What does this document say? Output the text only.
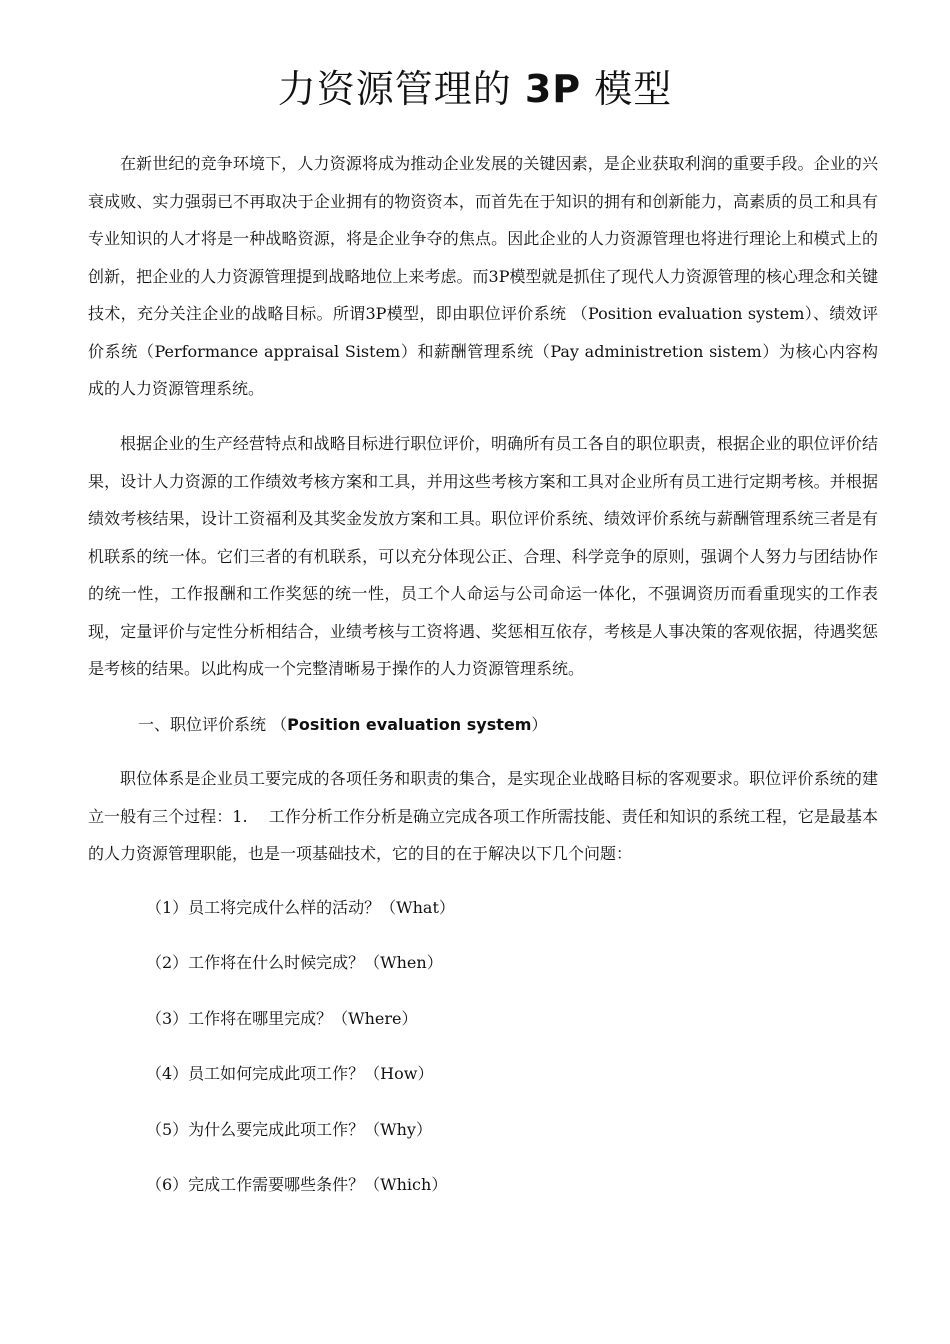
力资源管理的 3P 模型

在新世纪的竞争环境下，人力资源将成为推动企业发展的关键因素，是企业获取利润的重要手段。企业的兴衰成败、实力强弱已不再取决于企业拥有的物资资本，而首先在于知识的拥有和创新能力，高素质的员工和具有专业知识的人才将是一种战略资源，将是企业争夺的焦点。因此企业的人力资源管理也将进行理论上和模式上的创新，把企业的人力资源管理提到战略地位上来考虑。而3P模型就是抓住了现代人力资源管理的核心理念和关键技术，充分关注企业的战略目标。所谓3P模型，即由职位评价系统 （Position evaluation system）、绩效评价系统（Performance appraisal Sistem）和薪酬管理系统（Pay administretion sistem）为核心内容构成的人力资源管理系统。

根据企业的生产经营特点和战略目标进行职位评价，明确所有员工各自的职位职责，根据企业的职位评价结果，设计人力资源的工作绩效考核方案和工具，并用这些考核方案和工具对企业所有员工进行定期考核。并根据绩效考核结果，设计工资福利及其奖金发放方案和工具。职位评价系统、绩效评价系统与薪酬管理系统三者是有机联系的统一体。它们三者的有机联系，可以充分体现公正、合理、科学竞争的原则，强调个人努力与团结协作的统一性，工作报酬和工作奖惩的统一性，员工个人命运与公司命运一体化，不强调资历而看重现实的工作表现，定量评价与定性分析相结合，业绩考核与工资将遇、奖惩相互依存，考核是人事决策的客观依据，待遇奖惩是考核的结果。以此构成一个完整清晰易于操作的人力资源管理系统。

一、职位评价系统 （Position evaluation system）

职位体系是企业员工要完成的各项任务和职责的集合，是实现企业战略目标的客观要求。职位评价系统的建立一般有三个过程：1.　 工作分析工作分析是确立完成各项工作所需技能、责任和知识的系统工程，它是最基本的人力资源管理职能，也是一项基础技术，它的目的在于解决以下几个问题：

（1）员工将完成什么样的活动？（What）
（2）工作将在什么时候完成？（When）
（3）工作将在哪里完成？（Where）
（4）员工如何完成此项工作？（How）
（5）为什么要完成此项工作？（Why）
（6）完成工作需要哪些条件？（Which）
